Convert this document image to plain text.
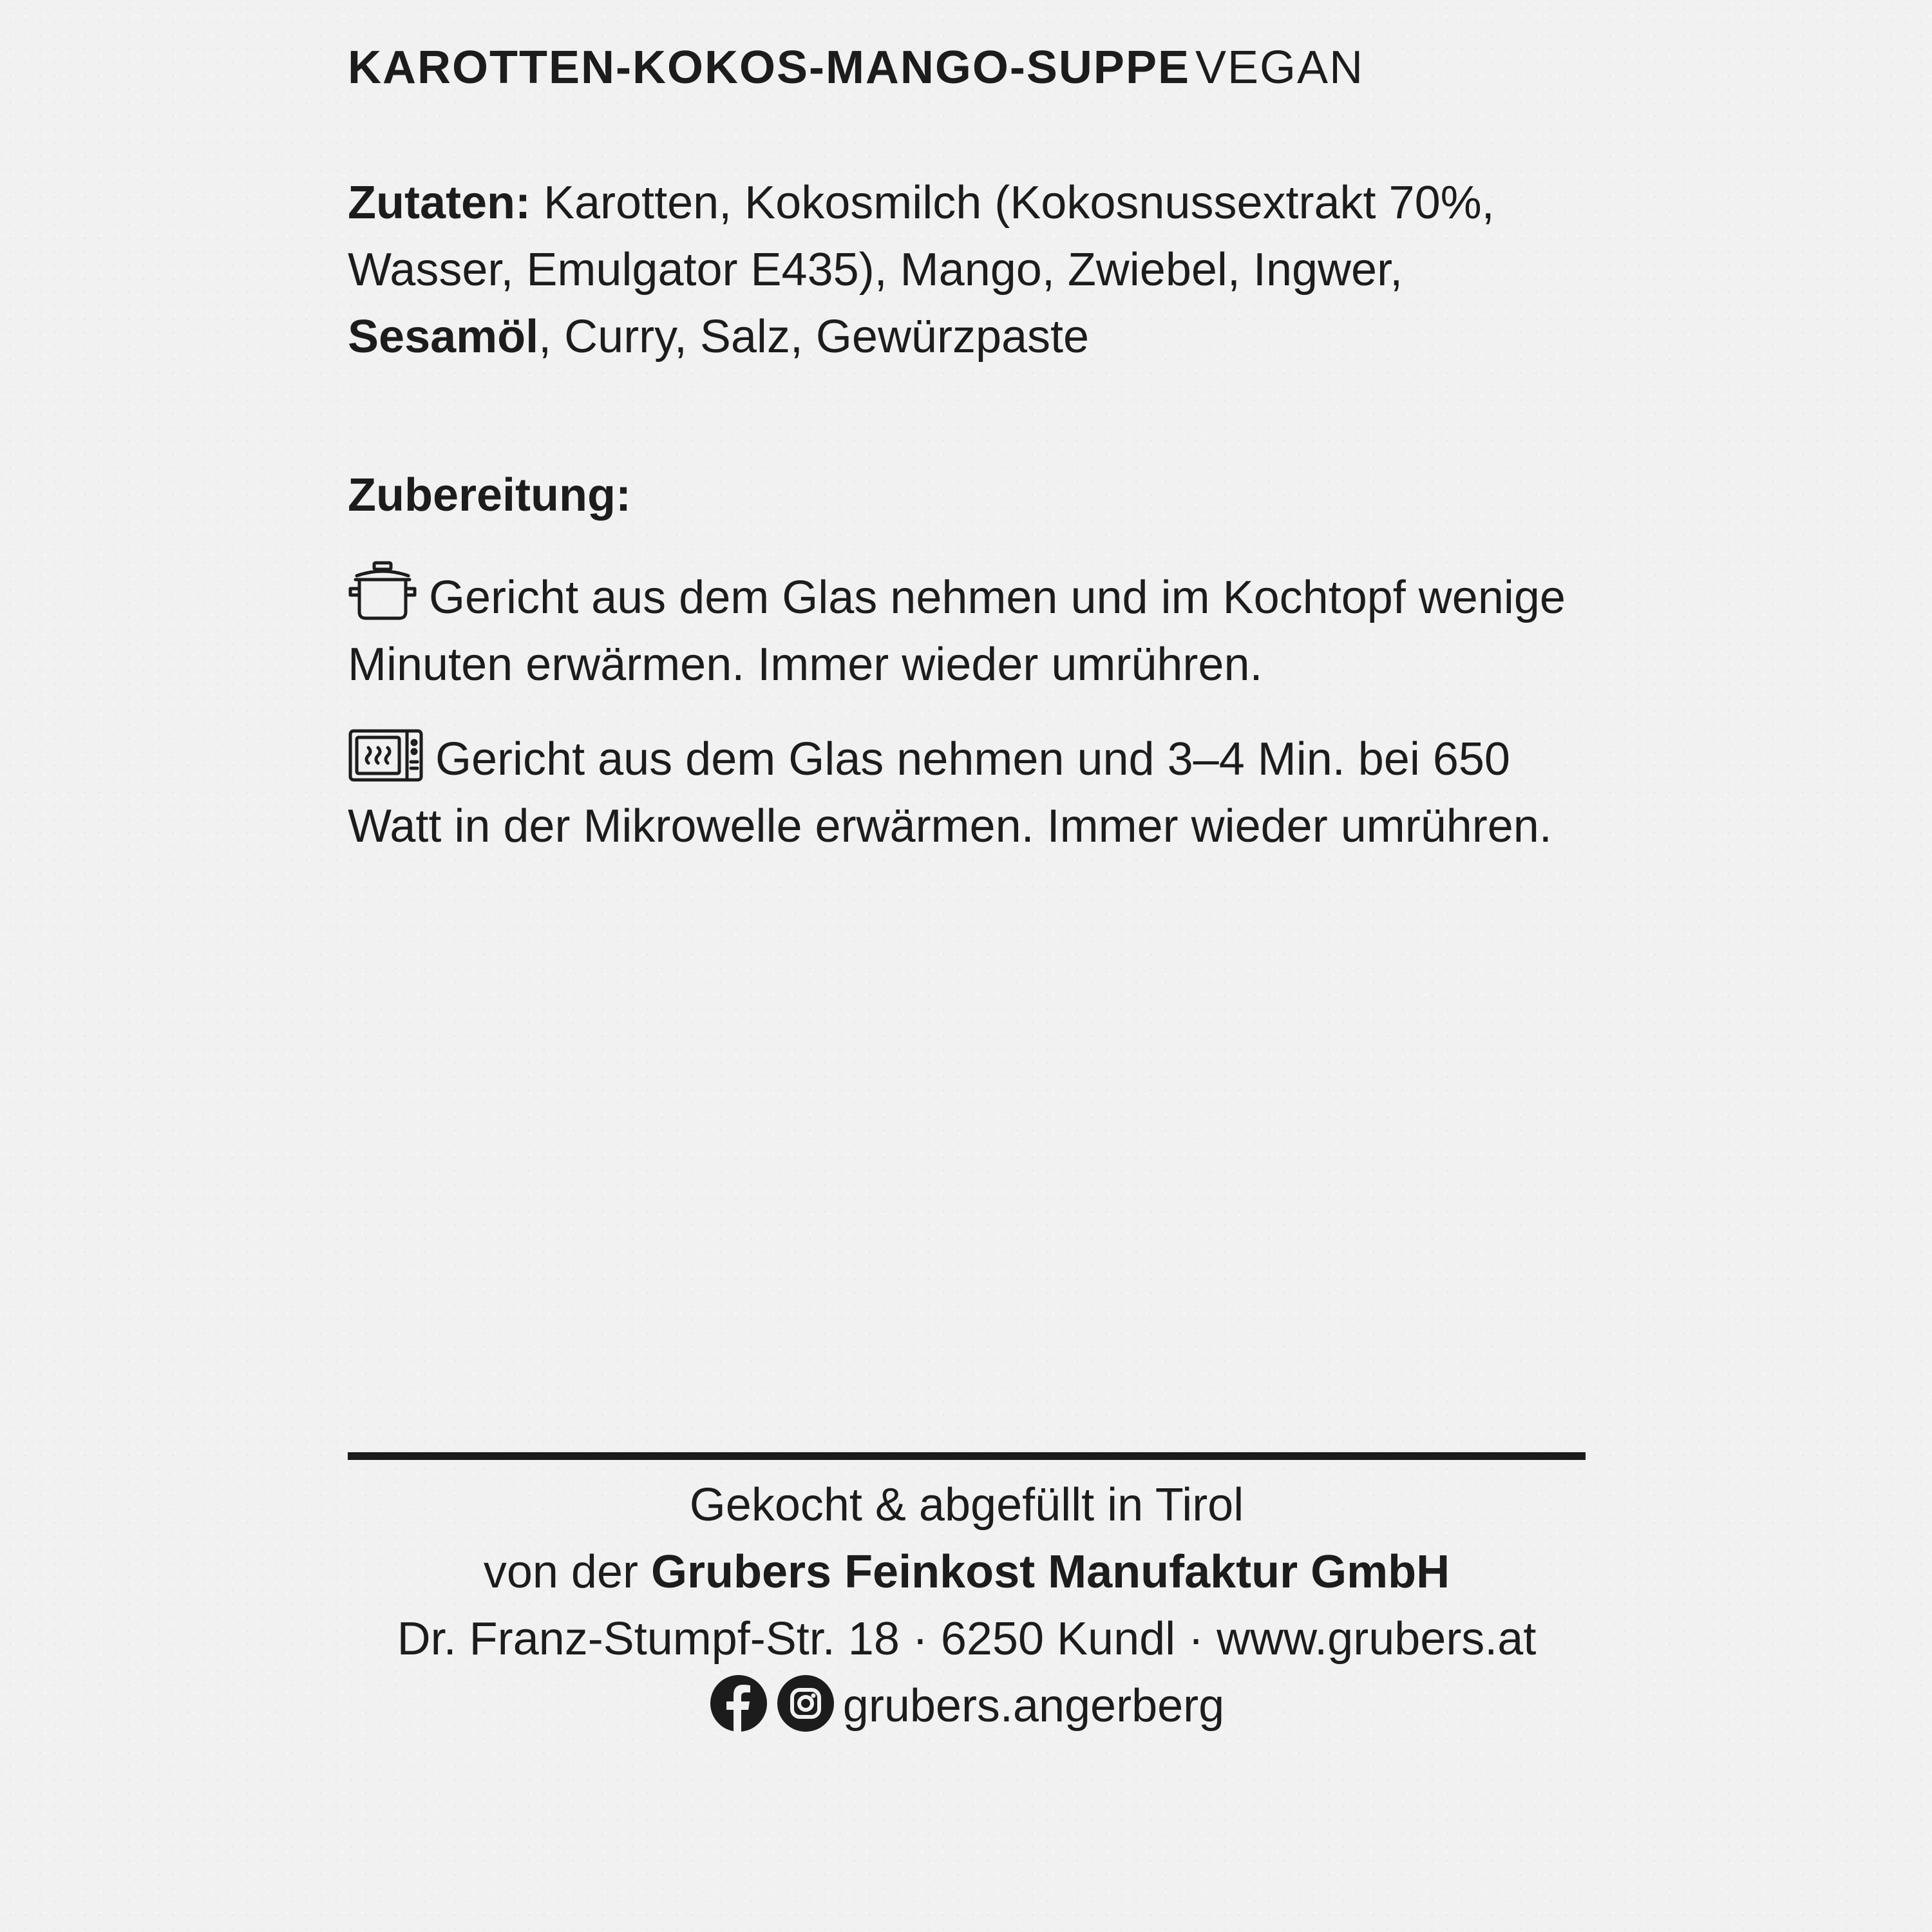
KAROTTEN-KOKOS-MANGO-SUPPE VEGAN

Zutaten: Karotten, Kokosmilch (Kokosnussextrakt 70%, Wasser, Emulgator E435), Mango, Zwiebel, Ingwer, Sesamöl, Curry, Salz, Gewürzpaste

Zubereitung:

Gericht aus dem Glas nehmen und im Kochtopf wenige Minuten erwärmen. Immer wieder umrühren.

Gericht aus dem Glas nehmen und 3–4 Min. bei 650 Watt in der Mikrowelle erwärmen. Immer wieder umrühren.

Gekocht & abgefüllt in Tirol

von der Grubers Feinkost Manufaktur GmbH

Dr. Franz-Stumpf-Str. 18 · 6250 Kundl · www.grubers.at

grubers.angerberg
